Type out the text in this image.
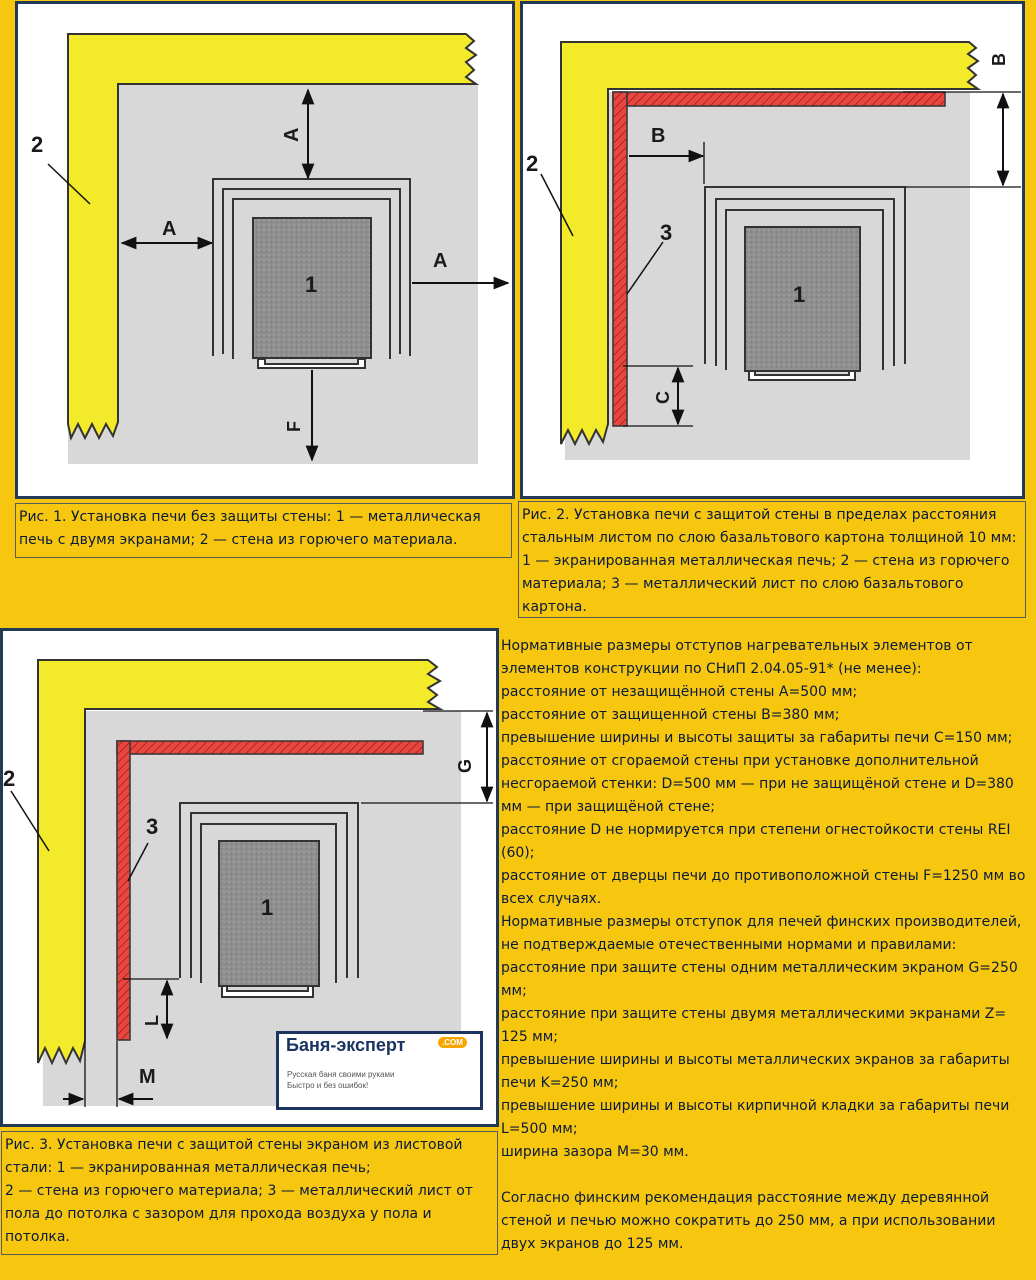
1
2	A
A
A
F
Рис. 1. Установка печи без защиты стены: 1 — металлическая печь с двумя экранами; 2 — стена из горючего материала.
1
2
3
B
B
C
Рис. 2. Установка печи с защитой стены в пределах расстояния
стальным листом по слою базальтового картона толщиной 10 мм:
1 — экранированная металлическая печь; 2 — стена из горючего
материала; 3 — металлический лист по слою базальтового
картона.
1
2
3
G
L
M
Баня-эксперт	.COM
Русская баня своими руками
Быстро и без ошибок!
Рис. 3. Установка печи с защитой стены экраном из листовой
стали: 1 — экранированная металлическая печь;
2 — стена из горючего материала; 3 — металлический лист от
пола до потолка с зазором для прохода воздуха у пола и
потолка.
Нормативные размеры отступов нагревательных элементов от
элементов конструкции по СНиП 2.04.05-91* (не менее):
расстояние от незащищённой стены A=500 мм;
расстояние от защищенной стены B=380 мм;
превышение ширины и высоты защиты за габариты печи C=150 мм;
расстояние от сгораемой стены при установке дополнительной
несгораемой стенки: D=500 мм — при не защищёной стене и D=380
мм — при защищёной стене;
расстояние D не нормируется при степени огнестойкости стены REI
(60);
расстояние от дверцы печи до противоположной стены F=1250 мм во
всех случаях.
Нормативные размеры отступок для печей финских производителей,
не подтверждаемые отечественными нормами и правилами:
расстояние при защите стены одним металлическим экраном G=250
мм;
расстояние при защите стены двумя металлическими экранами Z=
125 мм;
превышение ширины и высоты металлических экранов за габариты
печи K=250 мм;
превышение ширины и высоты кирпичной кладки за габариты печи
L=500 мм;
ширина зазора M=30 мм.
Согласно финским рекомендация расстояние между деревянной
стеной и печью можно сократить до 250 мм, а при использовании
двух экранов до 125 мм.
